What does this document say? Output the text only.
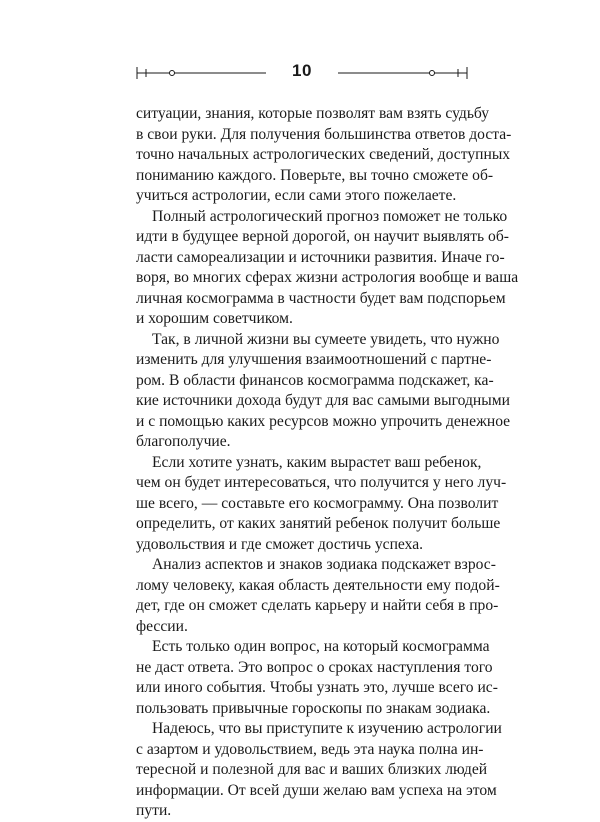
10

ситуации, знания, которые позволят вам взять судьбу
в свои руки. Для получения большинства ответов доста-
точно начальных астрологических сведений, доступных
пониманию каждого. Поверьте, вы точно сможете об-
учиться астрологии, если сами этого пожелаете.

Полный астрологический прогноз поможет не только
идти в будущее верной дорогой, он научит выявлять об-
ласти самореализации и источники развития. Иначе го-
воря, во многих сферах жизни астрология вообще и ваша
личная космограмма в частности будет вам подспорьем
и хорошим советчиком.

Так, в личной жизни вы сумеете увидеть, что нужно
изменить для улучшения взаимоотношений с партне-
ром. В области финансов космограмма подскажет, ка-
кие источники дохода будут для вас самыми выгодными
и с помощью каких ресурсов можно упрочить денежное
благополучие.

Если хотите узнать, каким вырастет ваш ребенок,
чем он будет интересоваться, что получится у него луч-
ше всего, — составьте его космограмму. Она позволит
определить, от каких занятий ребенок получит больше
удовольствия и где сможет достичь успеха.

Анализ аспектов и знаков зодиака подскажет взрос-
лому человеку, какая область деятельности ему подой-
дет, где он сможет сделать карьеру и найти себя в про-
фессии.

Есть только один вопрос, на который космограмма
не даст ответа. Это вопрос о сроках наступления того
или иного события. Чтобы узнать это, лучше всего ис-
пользовать привычные гороскопы по знакам зодиака.

Надеюсь, что вы приступите к изучению астрологии
с азартом и удовольствием, ведь эта наука полна ин-
тересной и полезной для вас и ваших близких людей
информации. От всей души желаю вам успеха на этом
пути.
